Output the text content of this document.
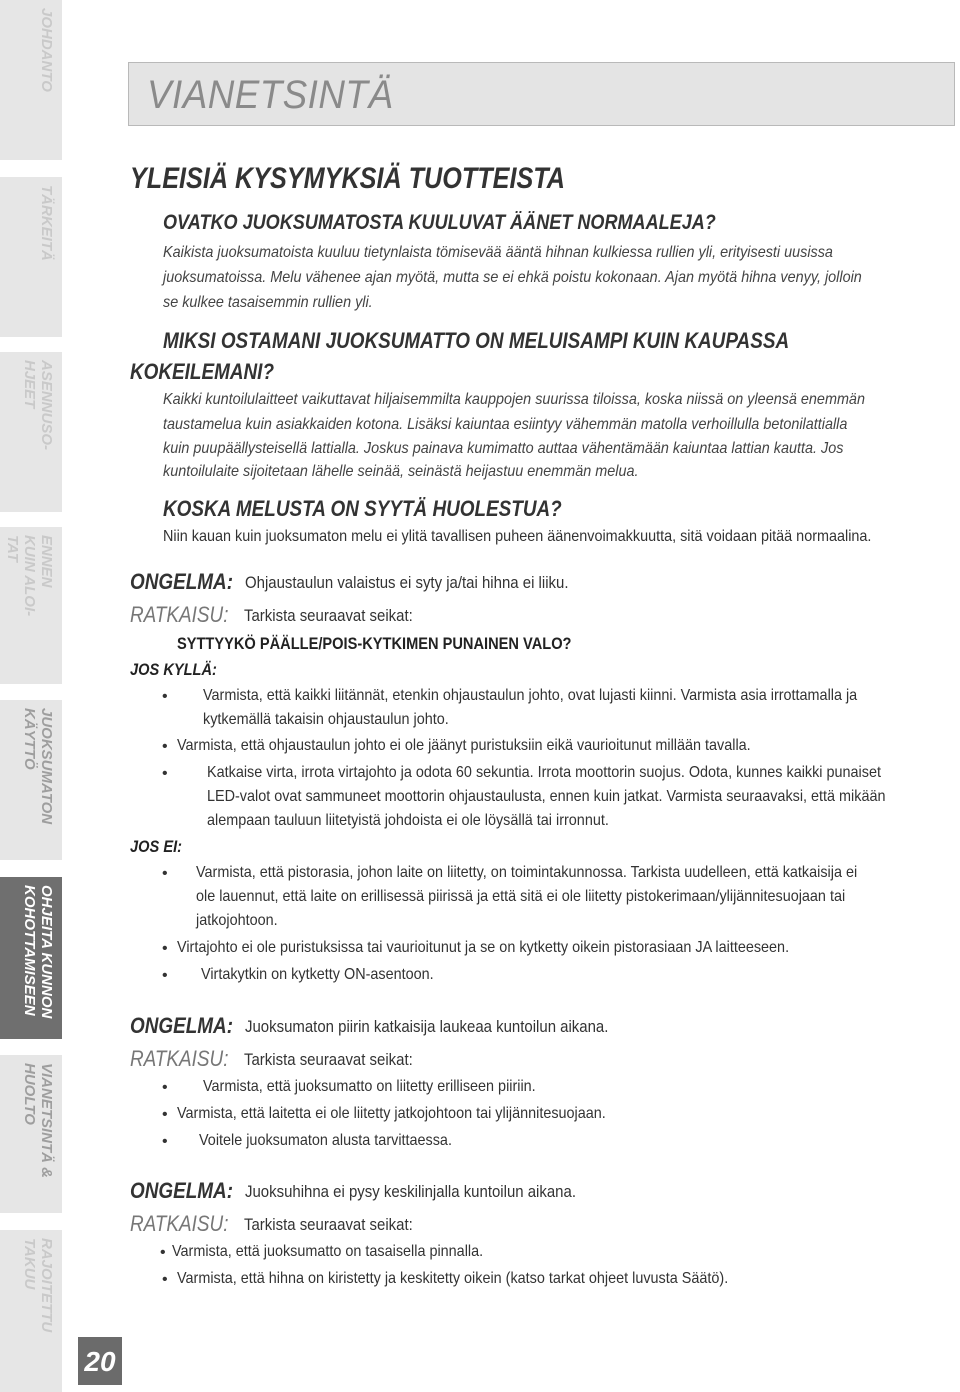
JOHDANTO
TÄRKEITÄ
ASENNUSO-
HJEET
ENNEN
KUIN ALOI-
TAT
JUOKSUMATON
KÄYTTÖ
OHJEITA KUNNON
KOHOTTAMISEEN
VIANETSINTÄ &
HUOLTO
RAJOITETTU
TAKUU
20
VIANETSINTÄ
YLEISIÄ KYSYMYKSIÄ TUOTTEISTA
OVATKO JUOKSUMATOSTA KUULUVAT ÄÄNET NORMAALEJA?
Kaikista juoksumatoista kuuluu tietynlaista tömisevää ääntä hihnan kulkiessa rullien yli, erityisesti uusissa
juoksumatoissa. Melu vähenee ajan myötä, mutta se ei ehkä poistu kokonaan. Ajan myötä hihna venyy, jolloin
se kulkee tasaisemmin rullien yli.
MIKSI OSTAMANI JUOKSUMATTO ON MELUISAMPI KUIN KAUPASSA
KOKEILEMANI?
Kaikki kuntoilulaitteet vaikuttavat hiljaisemmilta kauppojen suurissa tiloissa, koska niissä on yleensä enemmän
taustamelua kuin asiakkaiden kotona. Lisäksi kaiuntaa esiintyy vähemmän matolla verhoillulla betonilattialla
kuin puupäällysteisellä lattialla. Joskus painava kumimatto auttaa vähentämään kaiuntaa lattian kautta. Jos
kuntoilulaite sijoitetaan lähelle seinää, seinästä heijastuu enemmän melua.
KOSKA MELUSTA ON SYYTÄ HUOLESTUA?
Niin kauan kuin juoksumaton melu ei ylitä tavallisen puheen äänenvoimakkuutta, sitä voidaan pitää normaalina.
ONGELMA: Ohjaustaulun valaistus ei syty ja/tai hihna ei liiku.
RATKAISU: Tarkista seuraavat seikat:
SYTTYYKÖ PÄÄLLE/POIS-KYTKIMEN PUNAINEN VALO?
JOS KYLLÄ:
• Varmista, että kaikki liitännät, etenkin ohjaustaulun johto, ovat lujasti kiinni. Varmista asia irrottamalla ja
kytkemällä takaisin ohjaustaulun johto.
• Varmista, että ohjaustaulun johto ei ole jäänyt puristuksiin eikä vaurioitunut millään tavalla.
• Katkaise virta, irrota virtajohto ja odota 60 sekuntia. Irrota moottorin suojus. Odota, kunnes kaikki punaiset
LED-valot ovat sammuneet moottorin ohjaustaulusta, ennen kuin jatkat. Varmista seuraavaksi, että mikään
alempaan tauluun liitetyistä johdoista ei ole löysällä tai irronnut.
JOS EI:
• Varmista, että pistorasia, johon laite on liitetty, on toimintakunnossa. Tarkista uudelleen, että katkaisija ei
ole lauennut, että laite on erillisessä piirissä ja että sitä ei ole liitetty pistokerimaan/ylijännitesuojaan tai
jatkojohtoon.
• Virtajohto ei ole puristuksissa tai vaurioitunut ja se on kytketty oikein pistorasiaan JA laitteeseen.
• Virtakytkin on kytketty ON-asentoon.
ONGELMA: Juoksumaton piirin katkaisija laukeaa kuntoilun aikana.
RATKAISU: Tarkista seuraavat seikat:
• Varmista, että juoksumatto on liitetty erilliseen piiriin.
• Varmista, että laitetta ei ole liitetty jatkojohtoon tai ylijännitesuojaan.
• Voitele juoksumaton alusta tarvittaessa.
ONGELMA: Juoksuhihna ei pysy keskilinjalla kuntoilun aikana.
RATKAISU: Tarkista seuraavat seikat:
• Varmista, että juoksumatto on tasaisella pinnalla.
• Varmista, että hihna on kiristetty ja keskitetty oikein (katso tarkat ohjeet luvusta Säätö).
